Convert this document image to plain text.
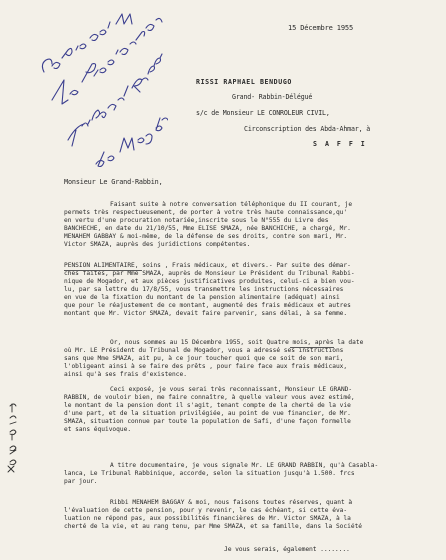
15 Décembre 1955
RISSI RAPHAEL BENDUGO
Grand- Rabbin-Délégué
s/c de Monsieur LE CONROLEUR CIVIL,
Circonscription des Abda-Ahmar, à
S A F F I
Monsieur Le Grand-Rabbin,
Faisant suite à notre conversation téléphonique du II courant, je
permets très respectueusement, de porter à votre très haute connaissance,qu'
en vertu d'une procuration notariée,inscrite sous le N°555 du Livre des
BANCHECHE, en date du 21/10/55, Mme ELISE SMAZA, née BANCHICHE, a chargé, Mr.
MENAHEM GABBAY & moi-même, de la défense de ses droits, contre son mari, Mr.
Victor SMAZA, auprès des juridictions compétentes.
PENSION ALIMENTAIRE, soins , Frais médicaux, et divers.- Par suite des démar-
ches faites, par Mme SMAZA, auprès de Monsieur Le Président du Tribunal Rabbi-
nique de Mogador, et aux pièces justificatives produites, celui-ci a bien vou-
lu, par sa lettre du 17/8/55, vous transmettre les instructions nécessaires
en vue de la fixation du montant de la pension alimentaire (adéquat) ainsi
que pour le réajustement de ce montant, augmenté des frais médicaux et autres
montant que Mr. Victor SMAZA, devait faire parvenir, sans délai, à sa femme.
Or, nous sommes au 15 Décembre 1955, soit Quatre mois, après la date
où Mr. LE Président du Tribunal de Mogador, vous a adressé ses instructions
sans que Mme SMAZA, ait pu, à ce jour toucher quoi que ce soit de son mari,
l'obligeant ainsi à se faire des prêts , pour faire face aux frais médicaux,
ainsi qu'à ses frais d'existence.
Ceci exposé, je vous serai très reconnaissant, Monsieur LE GRAND-
RABBIN, de vouloir bien, me faire connaître, à quelle valeur vous avez estimé,
le montant de la pension dont il s'agit, tenant compte de la cherté de la vie
d'une part, et de la situation privilégiée, au point de vue financier, de Mr.
SMAZA, situation connue par toute la population de Safi, d'une façon formelle
et sans équivoque.
A titre documentaire, je vous signale Mr. LE GRAND RABBIN, qu'à Casabla-
lanca, Le Tribunal Rabbinique, accorde, selon la situation jusqu'à 1.500. frcs
par jour.
Ribbi MENAHEM BAGGAY & moi, nous faisons toutes réserves, quant à
l'évaluation de cette pension, pour y revenir, le cas échéant, si cette éva-
luation ne répond pas, aux possibilités financières de Mr. Victor SMAZA, à la
cherté de la vie, et au rang tenu, par Mme SMAZA, et sa famille, dans la Société
Je vous serais, également ........
